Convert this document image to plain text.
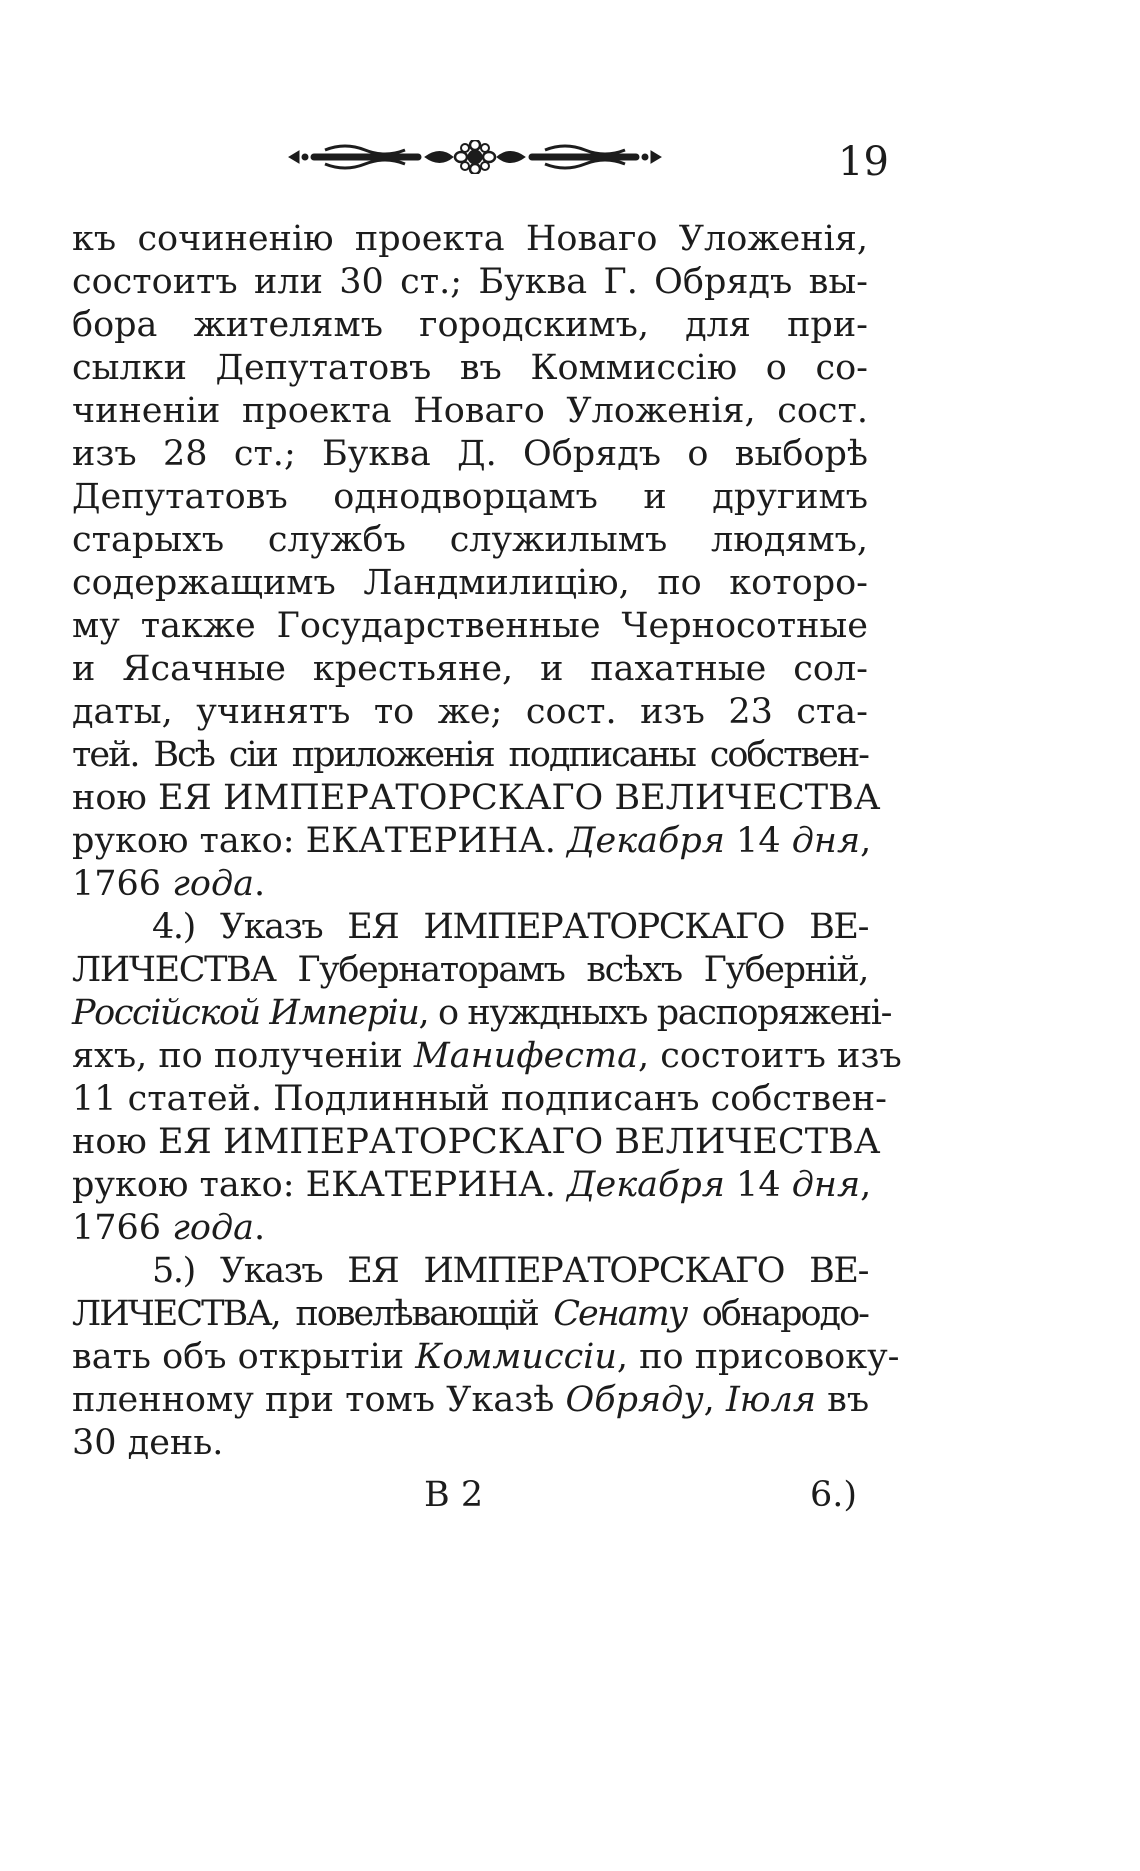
19
къ сочиненію проекта Новаго Уложенія,
состоитъ или 30 ст.; Буква Г. Обрядъ вы-
бора жителямъ городскимъ, для при-
сылки Депутатовъ въ Коммиссію о со-
чиненіи проекта Новаго Уложенія, сост.
изъ 28 ст.; Буква Д. Обрядъ о выборѣ
Депутатовъ однодворцамъ и другимъ
старыхъ службъ служилымъ людямъ,
содержащимъ Ландмилицію, по которо-
му также Государственные Черносотные
и Ясачные крестьяне, и пахатные сол-
даты, учинятъ то же; сост. изъ 23 ста-
тей. Всѣ сіи приложенія подписаны собствен-
ною ЕЯ ИМПЕРАТОРСКАГО ВЕЛИЧЕСТВА
рукою тако: ЕКАТЕРИНА. Декабря 14 дня,
1766 года.
4.) Указъ ЕЯ ИМПЕРАТОРСКАГО ВЕ-
ЛИЧЕСТВА Губернаторамъ всѣхъ Губерній,
Россійской Имперіи, о нуждныхъ распоряжені-
яхъ, по полученіи Манифеста, состоитъ изъ
11 статей. Подлинный подписанъ собствен-
ною ЕЯ ИМПЕРАТОРСКАГО ВЕЛИЧЕСТВА
рукою тако: ЕКАТЕРИНА. Декабря 14 дня,
1766 года.
5.) Указъ ЕЯ ИМПЕРАТОРСКАГО ВЕ-
ЛИЧЕСТВА, повелѣвающій Сенату обнародо-
вать объ открытіи Коммиссіи, по присовоку-
пленному при томъ Указѣ Обряду, Іюля въ
30 день.
В 2	6.)
